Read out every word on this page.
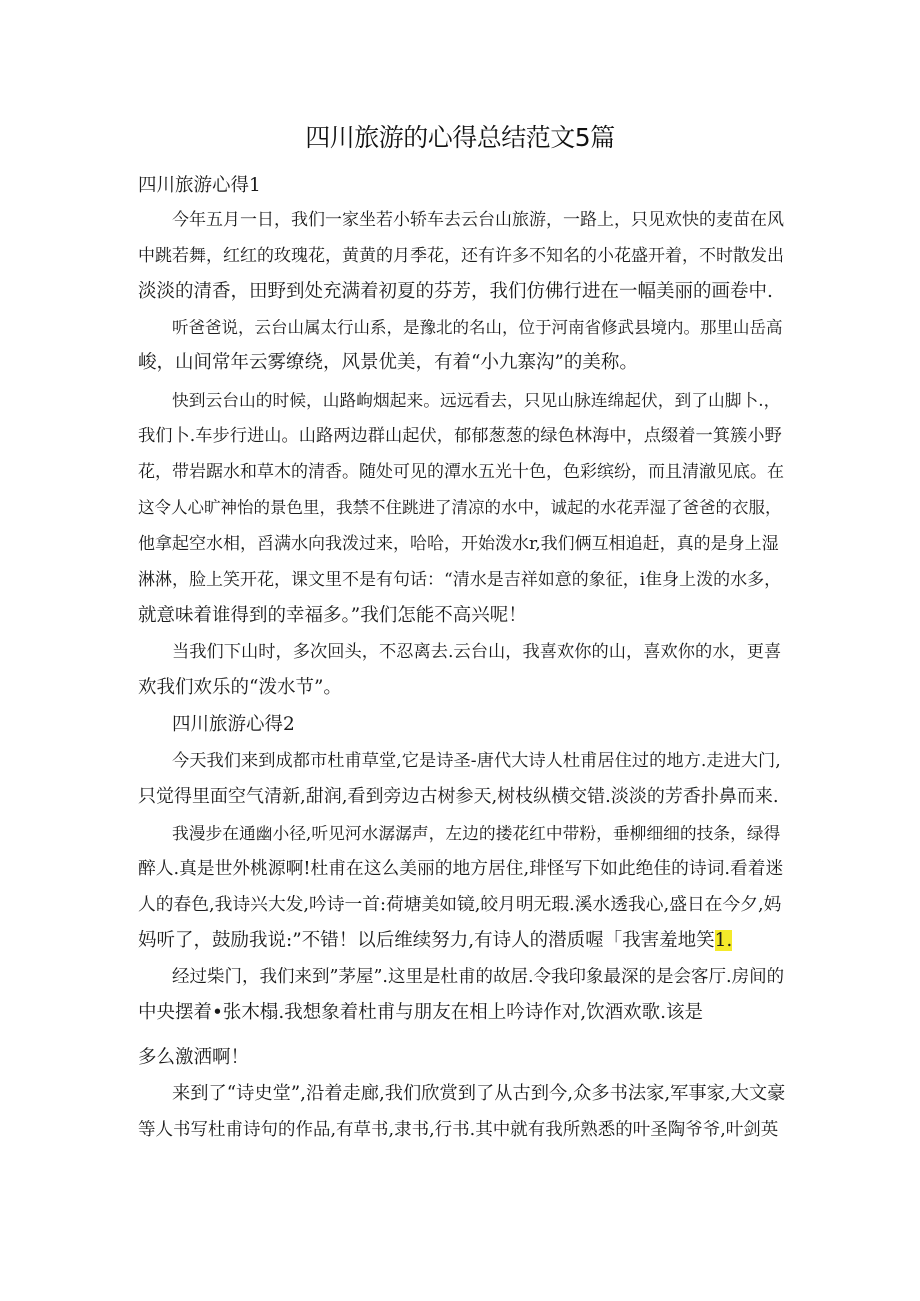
四川旅游的心得总结范文5篇
四川旅游心得1
今年五月一日，我们一家坐若小轿车去云台山旅游，一路上，只见欢快的麦苗在风
中跳若舞，红红的玫瑰花，黄黄的月季花，还有许多不知名的小花盛开着，不时散发出
淡淡的清香，田野到处充满着初夏的芬芳，我们仿佛行进在一幅美丽的画卷中.
听爸爸说，云台山属太行山系，是豫北的名山，位于河南省修武县境内。那里山岳高
峻，山间常年云雾缭绕，风景优美，有着“小九寨沟”的美称。
快到云台山的时候，山路岣烟起来。远远看去，只见山脉连绵起伏，到了山脚卜.，
我们卜.车步行进山。山路两边群山起伏，郁郁葱葱的绿色林海中，点缀着一箕簇小野
花，带岩踞水和草木的清香。随处可见的潭水五光十色，色彩缤纷，而且清澈见底。在
这令人心旷神怡的景色里，我禁不住跳进了清凉的水中，诚起的水花弄湿了爸爸的衣服，
他拿起空水相，舀满水向我泼过来，哈哈，开始泼水r,我们俩互相追赶，真的是身上湿
淋淋，脸上笑开花，课文里不是有句话：“清水是吉祥如意的象征，i隹身上泼的水多，
就意味着谁得到的幸福多。”我们怎能不高兴呢！
当我们下山时，多次回头，不忍离去.云台山，我喜欢你的山，喜欢你的水，更喜
欢我们欢乐的“泼水节”。
四川旅游心得2
今天我们来到成都市杜甫草堂,它是诗圣-唐代大诗人杜甫居住过的地方.走进大门,
只觉得里面空气清新,甜润,看到旁边古树参天,树枝纵横交错.淡淡的芳香扑鼻而来.
我漫步在通幽小径,听见河水潺潺声，左边的搂花红中带粉，垂柳细细的技条，绿得
醉人.真是世外桃源啊!杜甫在这么美丽的地方居住,琲怪写下如此绝佳的诗词.看着迷
人的春色,我诗兴大发,吟诗一首:荷塘美如镜,皎月明无瑕.溪水透我心,盛日在今夕,妈
妈听了，鼓励我说:”不错！以后维续努力,有诗人的潜质喔「我害羞地笑1.
经过柴门，我们来到”茅屋”.这里是杜甫的故居.令我印象最深的是会客厅.房间的
中央摆着•张木榻.我想象着杜甫与朋友在相上吟诗作对,饮酒欢歌.该是
多么激洒啊！
来到了“诗史堂”,沿着走廊,我们欣赏到了从古到今,众多书法家,军事家,大文豪
等人书写杜甫诗句的作品,有草书,隶书,行书.其中就有我所熟悉的叶圣陶爷爷,叶剑英
